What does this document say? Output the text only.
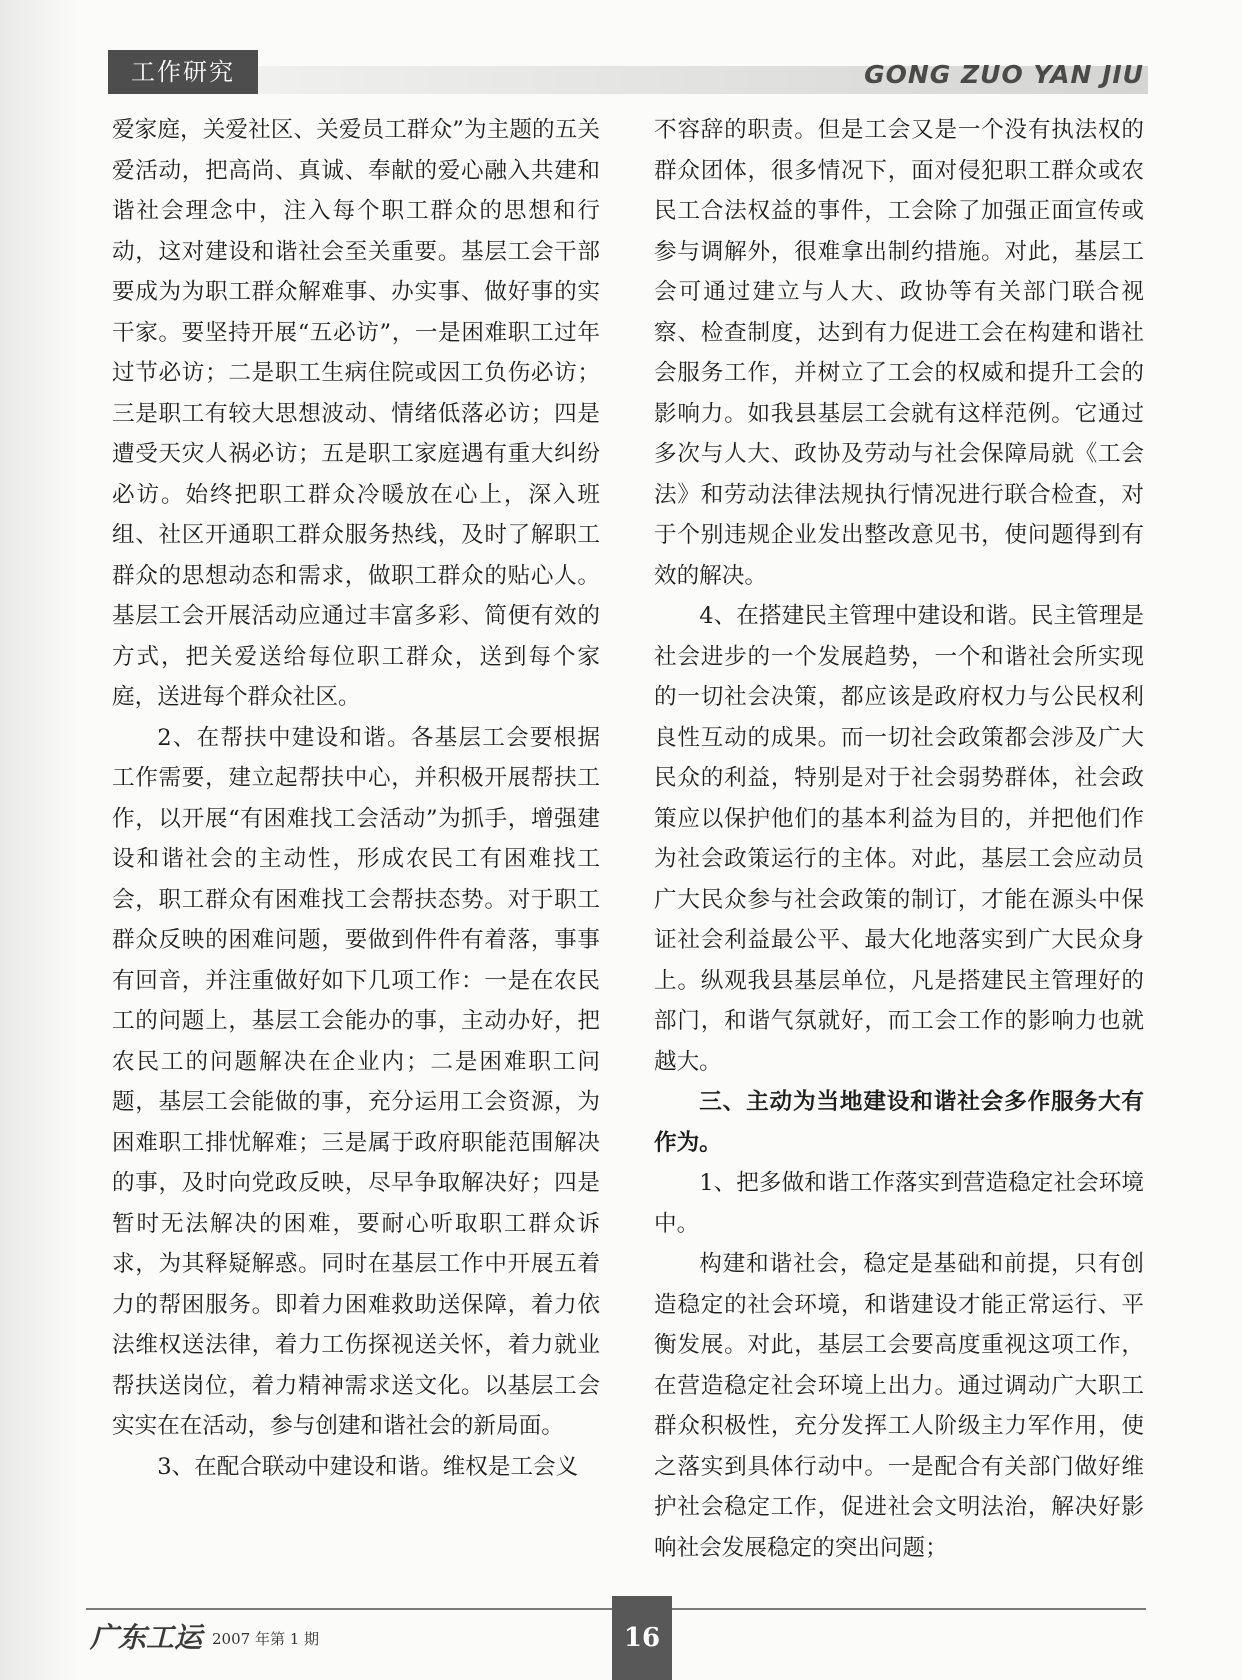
工作研究	GONG ZUO YAN JIU

爱家庭，关爱社区、关爱员工群众”为主题的五关爱活动，把高尚、真诚、奉献的爱心融入共建和谐社会理念中，注入每个职工群众的思想和行动，这对建设和谐社会至关重要。基层工会干部要成为为职工群众解难事、办实事、做好事的实干家。要坚持开展“五必访”，一是困难职工过年过节必访；二是职工生病住院或因工负伤必访；三是职工有较大思想波动、情绪低落必访；四是遭受天灾人祸必访；五是职工家庭遇有重大纠纷必访。始终把职工群众冷暖放在心上，深入班组、社区开通职工群众服务热线，及时了解职工群众的思想动态和需求，做职工群众的贴心人。基层工会开展活动应通过丰富多彩、简便有效的方式，把关爱送给每位职工群众，送到每个家庭，送进每个群众社区。

2、在帮扶中建设和谐。各基层工会要根据工作需要，建立起帮扶中心，并积极开展帮扶工作，以开展“有困难找工会活动”为抓手，增强建设和谐社会的主动性，形成农民工有困难找工会，职工群众有困难找工会帮扶态势。对于职工群众反映的困难问题，要做到件件有着落，事事有回音，并注重做好如下几项工作：一是在农民工的问题上，基层工会能办的事，主动办好，把农民工的问题解决在企业内；二是困难职工问题，基层工会能做的事，充分运用工会资源，为困难职工排忧解难；三是属于政府职能范围解决的事，及时向党政反映，尽早争取解决好；四是暂时无法解决的困难，要耐心听取职工群众诉求，为其释疑解惑。同时在基层工作中开展五着力的帮困服务。即着力困难救助送保障，着力依法维权送法律，着力工伤探视送关怀，着力就业帮扶送岗位，着力精神需求送文化。以基层工会实实在在活动，参与创建和谐社会的新局面。

3、在配合联动中建设和谐。维权是工会义

不容辞的职责。但是工会又是一个没有执法权的群众团体，很多情况下，面对侵犯职工群众或农民工合法权益的事件，工会除了加强正面宣传或参与调解外，很难拿出制约措施。对此，基层工会可通过建立与人大、政协等有关部门联合视察、检查制度，达到有力促进工会在构建和谐社会服务工作，并树立了工会的权威和提升工会的影响力。如我县基层工会就有这样范例。它通过多次与人大、政协及劳动与社会保障局就《工会法》和劳动法律法规执行情况进行联合检查，对于个别违规企业发出整改意见书，使问题得到有效的解决。

4、在搭建民主管理中建设和谐。民主管理是社会进步的一个发展趋势，一个和谐社会所实现的一切社会决策，都应该是政府权力与公民权利良性互动的成果。而一切社会政策都会涉及广大民众的利益，特别是对于社会弱势群体，社会政策应以保护他们的基本利益为目的，并把他们作为社会政策运行的主体。对此，基层工会应动员广大民众参与社会政策的制订，才能在源头中保证社会利益最公平、最大化地落实到广大民众身上。纵观我县基层单位，凡是搭建民主管理好的部门，和谐气氛就好，而工会工作的影响力也就越大。

三、主动为当地建设和谐社会多作服务大有作为。

1、把多做和谐工作落实到营造稳定社会环境中。

构建和谐社会，稳定是基础和前提，只有创造稳定的社会环境，和谐建设才能正常运行、平衡发展。对此，基层工会要高度重视这项工作，在营造稳定社会环境上出力。通过调动广大职工群众积极性，充分发挥工人阶级主力军作用，使之落实到具体行动中。一是配合有关部门做好维护社会稳定工作，促进社会文明法治，解决好影响社会发展稳定的突出问题；

广东工运 2007 年第 1 期	16
